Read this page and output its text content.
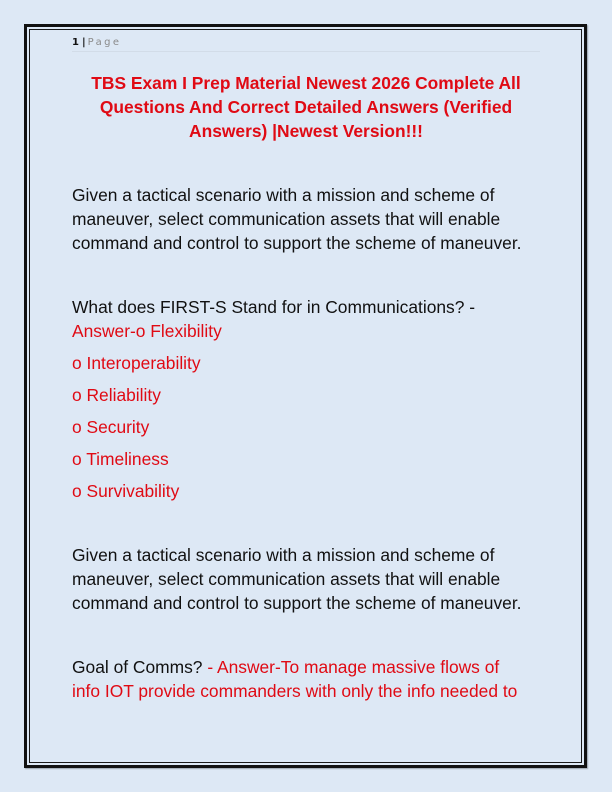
1 | Page
TBS Exam I Prep Material Newest 2026 Complete All
Questions And Correct Detailed Answers (Verified
Answers) |Newest Version!!!
Given a tactical scenario with a mission and scheme of
maneuver, select communication assets that will enable
command and control to support the scheme of maneuver.
What does FIRST-S Stand for in Communications? -
Answer-o Flexibility
o Interoperability
o Reliability
o Security
o Timeliness
o Survivability
Given a tactical scenario with a mission and scheme of
maneuver, select communication assets that will enable
command and control to support the scheme of maneuver.
Goal of Comms? - Answer-To manage massive flows of
info IOT provide commanders with only the info needed to
